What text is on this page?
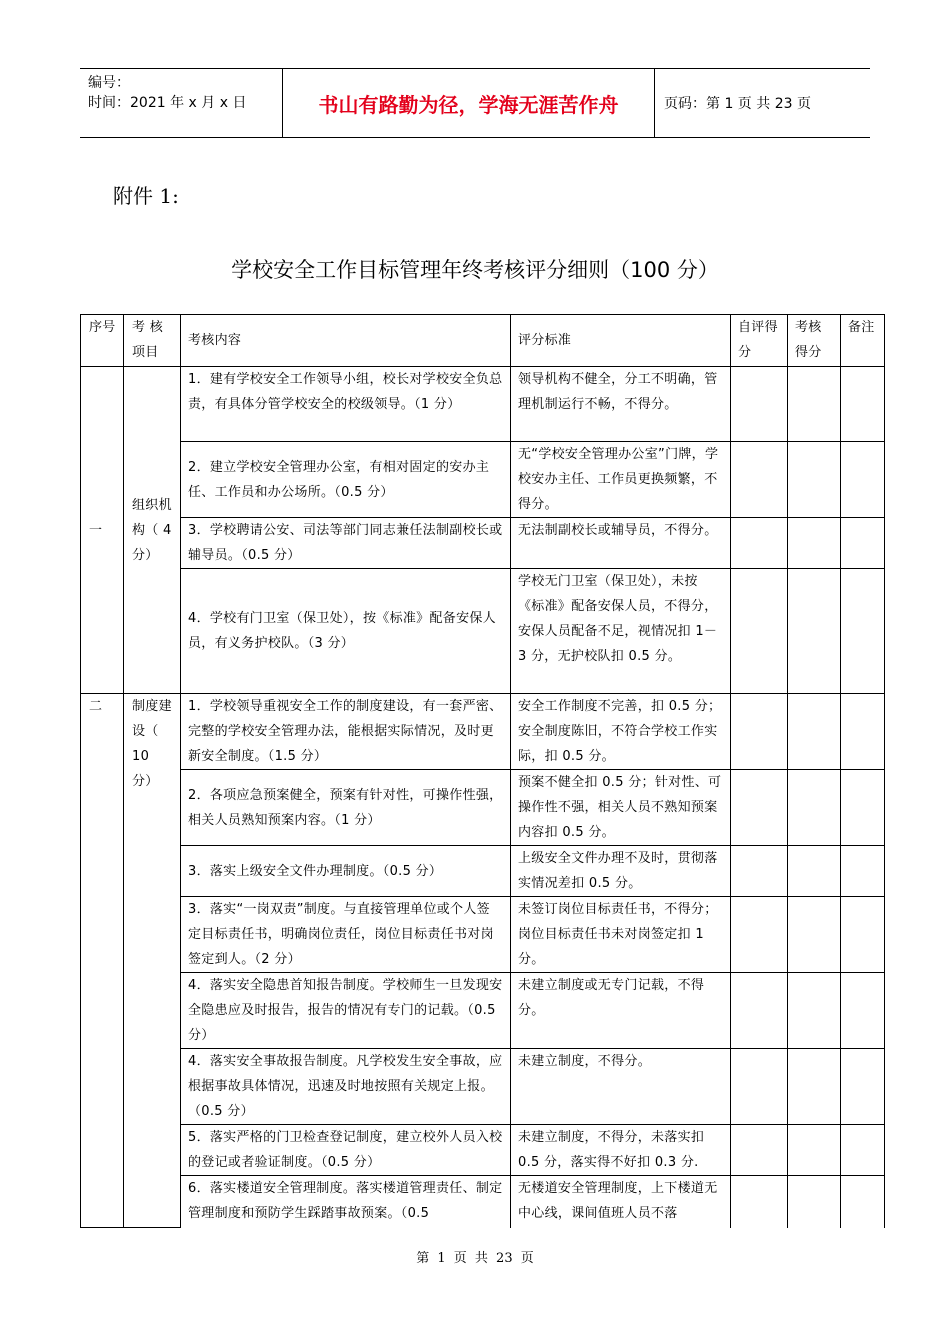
编号：
时间：2021 年 x 月 x 日	书山有路勤为径，学海无涯苦作舟	页码：第 1 页 共 23 页
附件 1:
学校安全工作目标管理年终考核评分细则（100 分）
序号	考 核项目	考核内容	评分标准	自评得分	考核得分	备注
一	组织机构（ 4 分）	1．建有学校安全工作领导小组，校长对学校安全负总责，有具体分管学校安全的校级领导。（1 分）	领导机构不健全，分工不明确，管理机制运行不畅，不得分。			
		2．建立学校安全管理办公室，有相对固定的安办主任、工作员和办公场所。（0.5 分）	无“学校安全管理办公室”门牌，学校安办主任、工作员更换频繁，不得分。			
		3．学校聘请公安、司法等部门同志兼任法制副校长或辅导员。（0.5 分）	无法制副校长或辅导员，不得分。			
		4．学校有门卫室（保卫处），按《标准》配备安保人员，有义务护校队。（3 分）	学校无门卫室（保卫处），未按《标准》配备安保人员，不得分，安保人员配备不足，视情况扣 1－3 分，无护校队扣 0.5 分。			
二	制度建设（ 10 分）	1．学校领导重视安全工作的制度建设，有一套严密、完整的学校安全管理办法，能根据实际情况，及时更新安全制度。（1.5 分）	安全工作制度不完善，扣 0.5 分；安全制度陈旧，不符合学校工作实际，扣 0.5 分。			
		2．各项应急预案健全，预案有针对性，可操作性强，相关人员熟知预案内容。（1 分）	预案不健全扣 0.5 分；针对性、可操作性不强，相关人员不熟知预案内容扣 0.5 分。			
		3．落实上级安全文件办理制度。（0.5 分）	上级安全文件办理不及时，贯彻落实情况差扣 0.5 分。			
		3．落实“一岗双责”制度。与直接管理单位或个人签定目标责任书，明确岗位责任，岗位目标责任书对岗签定到人。（2 分）	未签订岗位目标责任书，不得分；岗位目标责任书未对岗签定扣 1 分。			
		4．落实安全隐患首知报告制度。学校师生一旦发现安全隐患应及时报告，报告的情况有专门的记载。（0.5 分）	未建立制度或无专门记载，不得分。			
		4．落实安全事故报告制度。凡学校发生安全事故，应根据事故具体情况，迅速及时地按照有关规定上报。（0.5 分）	未建立制度，不得分。			
		5．落实严格的门卫检查登记制度，建立校外人员入校的登记或者验证制度。（0.5 分）	未建立制度，不得分，未落实扣 0.5 分，落实得不好扣 0.3 分.			
		6．落实楼道安全管理制度。落实楼道管理责任、制定管理制度和预防学生踩踏事故预案。（0.5	无楼道安全管理制度，上下楼道无中心线，课间值班人员不落			
第 1 页 共 23 页
